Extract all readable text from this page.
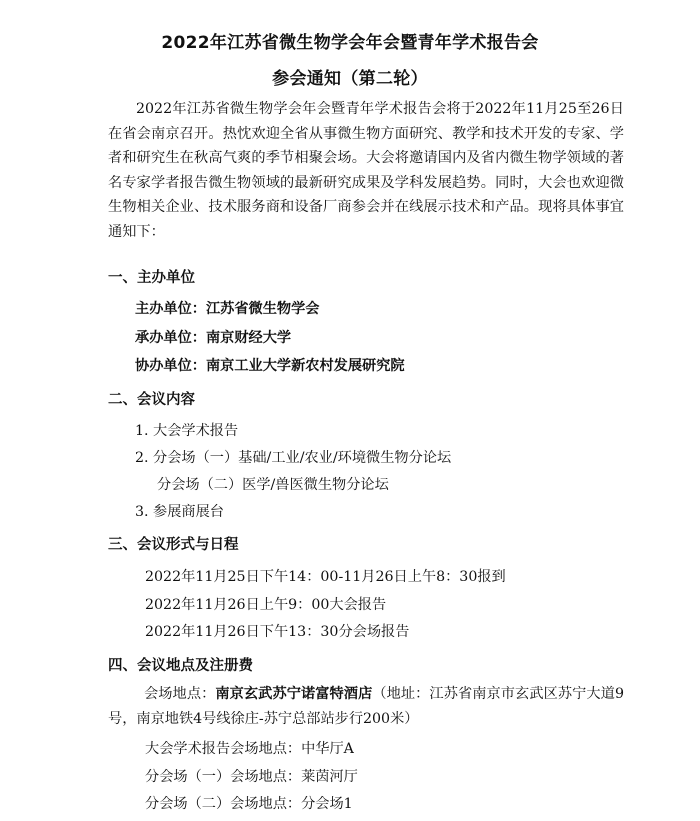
2022年江苏省微生物学会年会暨青年学术报告会
参会通知（第二轮）
2022年江苏省微生物学会年会暨青年学术报告会将于2022年11月25至26日在省会南京召开。热忱欢迎全省从事微生物方面研究、教学和技术开发的专家、学者和研究生在秋高气爽的季节相聚会场。大会将邀请国内及省内微生物学领域的著名专家学者报告微生物领域的最新研究成果及学科发展趋势。同时，大会也欢迎微生物相关企业、技术服务商和设备厂商参会并在线展示技术和产品。现将具体事宜通知下：
一、主办单位
主办单位：江苏省微生物学会
承办单位：南京财经大学
协办单位：南京工业大学新农村发展研究院
二、会议内容
1. 大会学术报告
2. 分会场（一）基础/工业/农业/环境微生物分论坛
分会场（二）医学/兽医微生物分论坛
3. 参展商展台
三、会议形式与日程
2022年11月25日下午14：00-11月26日上午8：30报到
2022年11月26日上午9：00大会报告
2022年11月26日下午13：30分会场报告
四、会议地点及注册费
会场地点：南京玄武苏宁诺富特酒店（地址：江苏省南京市玄武区苏宁大道9号，南京地铁4号线徐庄-苏宁总部站步行200米）
大会学术报告会场地点：中华厅A
分会场（一）会场地点：莱茵河厅
分会场（二）会场地点：分会场1
